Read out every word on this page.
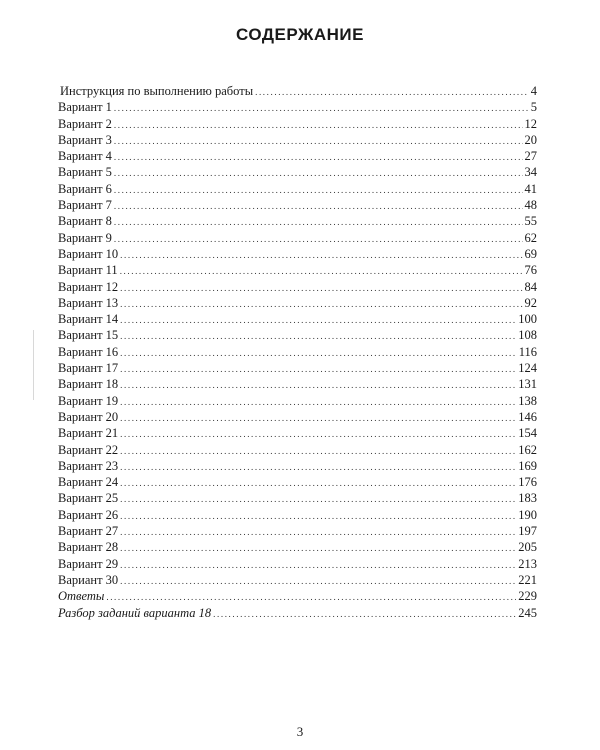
СОДЕРЖАНИЕ
Инструкция по выполнению работы .....	4
Вариант 1 .....	5
Вариант 2 .....	12
Вариант 3 .....	20
Вариант 4 .....	27
Вариант 5 .....	34
Вариант 6 .....	41
Вариант 7 .....	48
Вариант 8 .....	55
Вариант 9 .....	62
Вариант 10 .....	69
Вариант 11 .....	76
Вариант 12 .....	84
Вариант 13 .....	92
Вариант 14 .....	100
Вариант 15 .....	108
Вариант 16 .....	116
Вариант 17 .....	124
Вариант 18 .....	131
Вариант 19 .....	138
Вариант 20 .....	146
Вариант 21 .....	154
Вариант 22 .....	162
Вариант 23 .....	169
Вариант 24 .....	176
Вариант 25 .....	183
Вариант 26 .....	190
Вариант 27 .....	197
Вариант 28 .....	205
Вариант 29 .....	213
Вариант 30 .....	221
Ответы .....	229
Разбор заданий варианта 18 .....	245
3
